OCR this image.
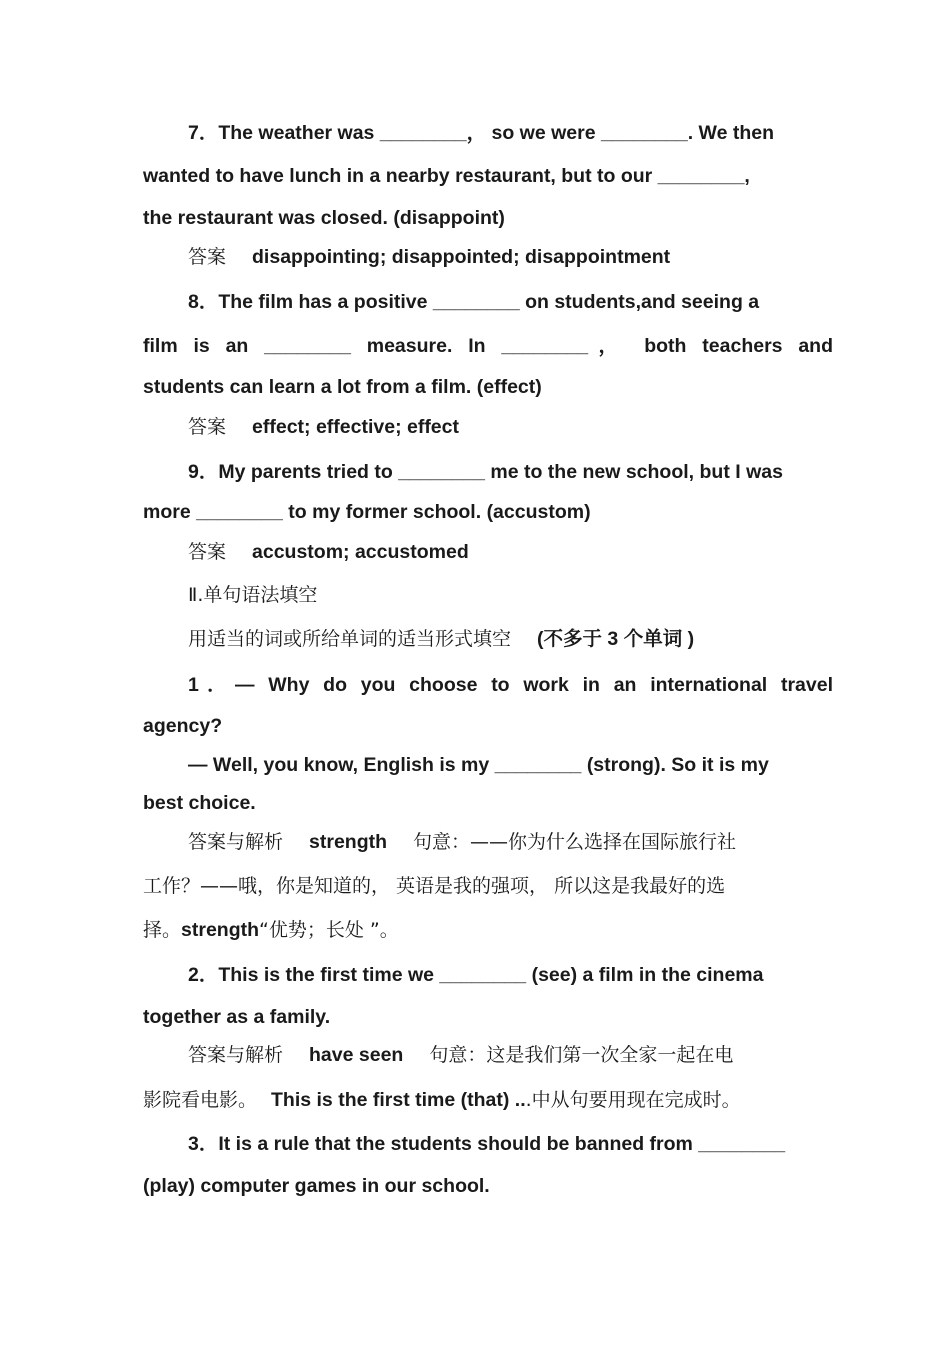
7．The weather was ________， so we were ________. We then
wanted to have lunch in a nearby restaurant, but to our ________,
the restaurant was closed. (disappoint)
答案 disappointing; disappointed; disappointment
8．The film has a positive ________ on students,and seeing a
film is an ________ measure. In ________， both teachers and
students can learn a lot from a film. (effect)
答案 effect; effective; effect
9．My parents tried to ________ me to the new school, but I was
more ________ to my former school. (accustom)
答案 accustom; accustomed
Ⅱ.单句语法填空
用适当的词或所给单词的适当形式填空 (不多于 3 个单词 )
1．— Why do you choose to work in an international travel
agency?
— Well, you know, English is my ________ (strong). So it is my
best choice.
答案与解析 strength 句意：——你为什么选择在国际旅行社
工作？——哦，你是知道的， 英语是我的强项， 所以这是我最好的选
择。strength“优势；长处 ”。
2．This is the first time we ________ (see) a film in the cinema
together as a family.
答案与解析 have seen 句意：这是我们第一次全家一起在电
影院看电影。 This is the first time (that) ...中从句要用现在完成时。
3．It is a rule that the students should be banned from ________
(play) computer games in our school.
